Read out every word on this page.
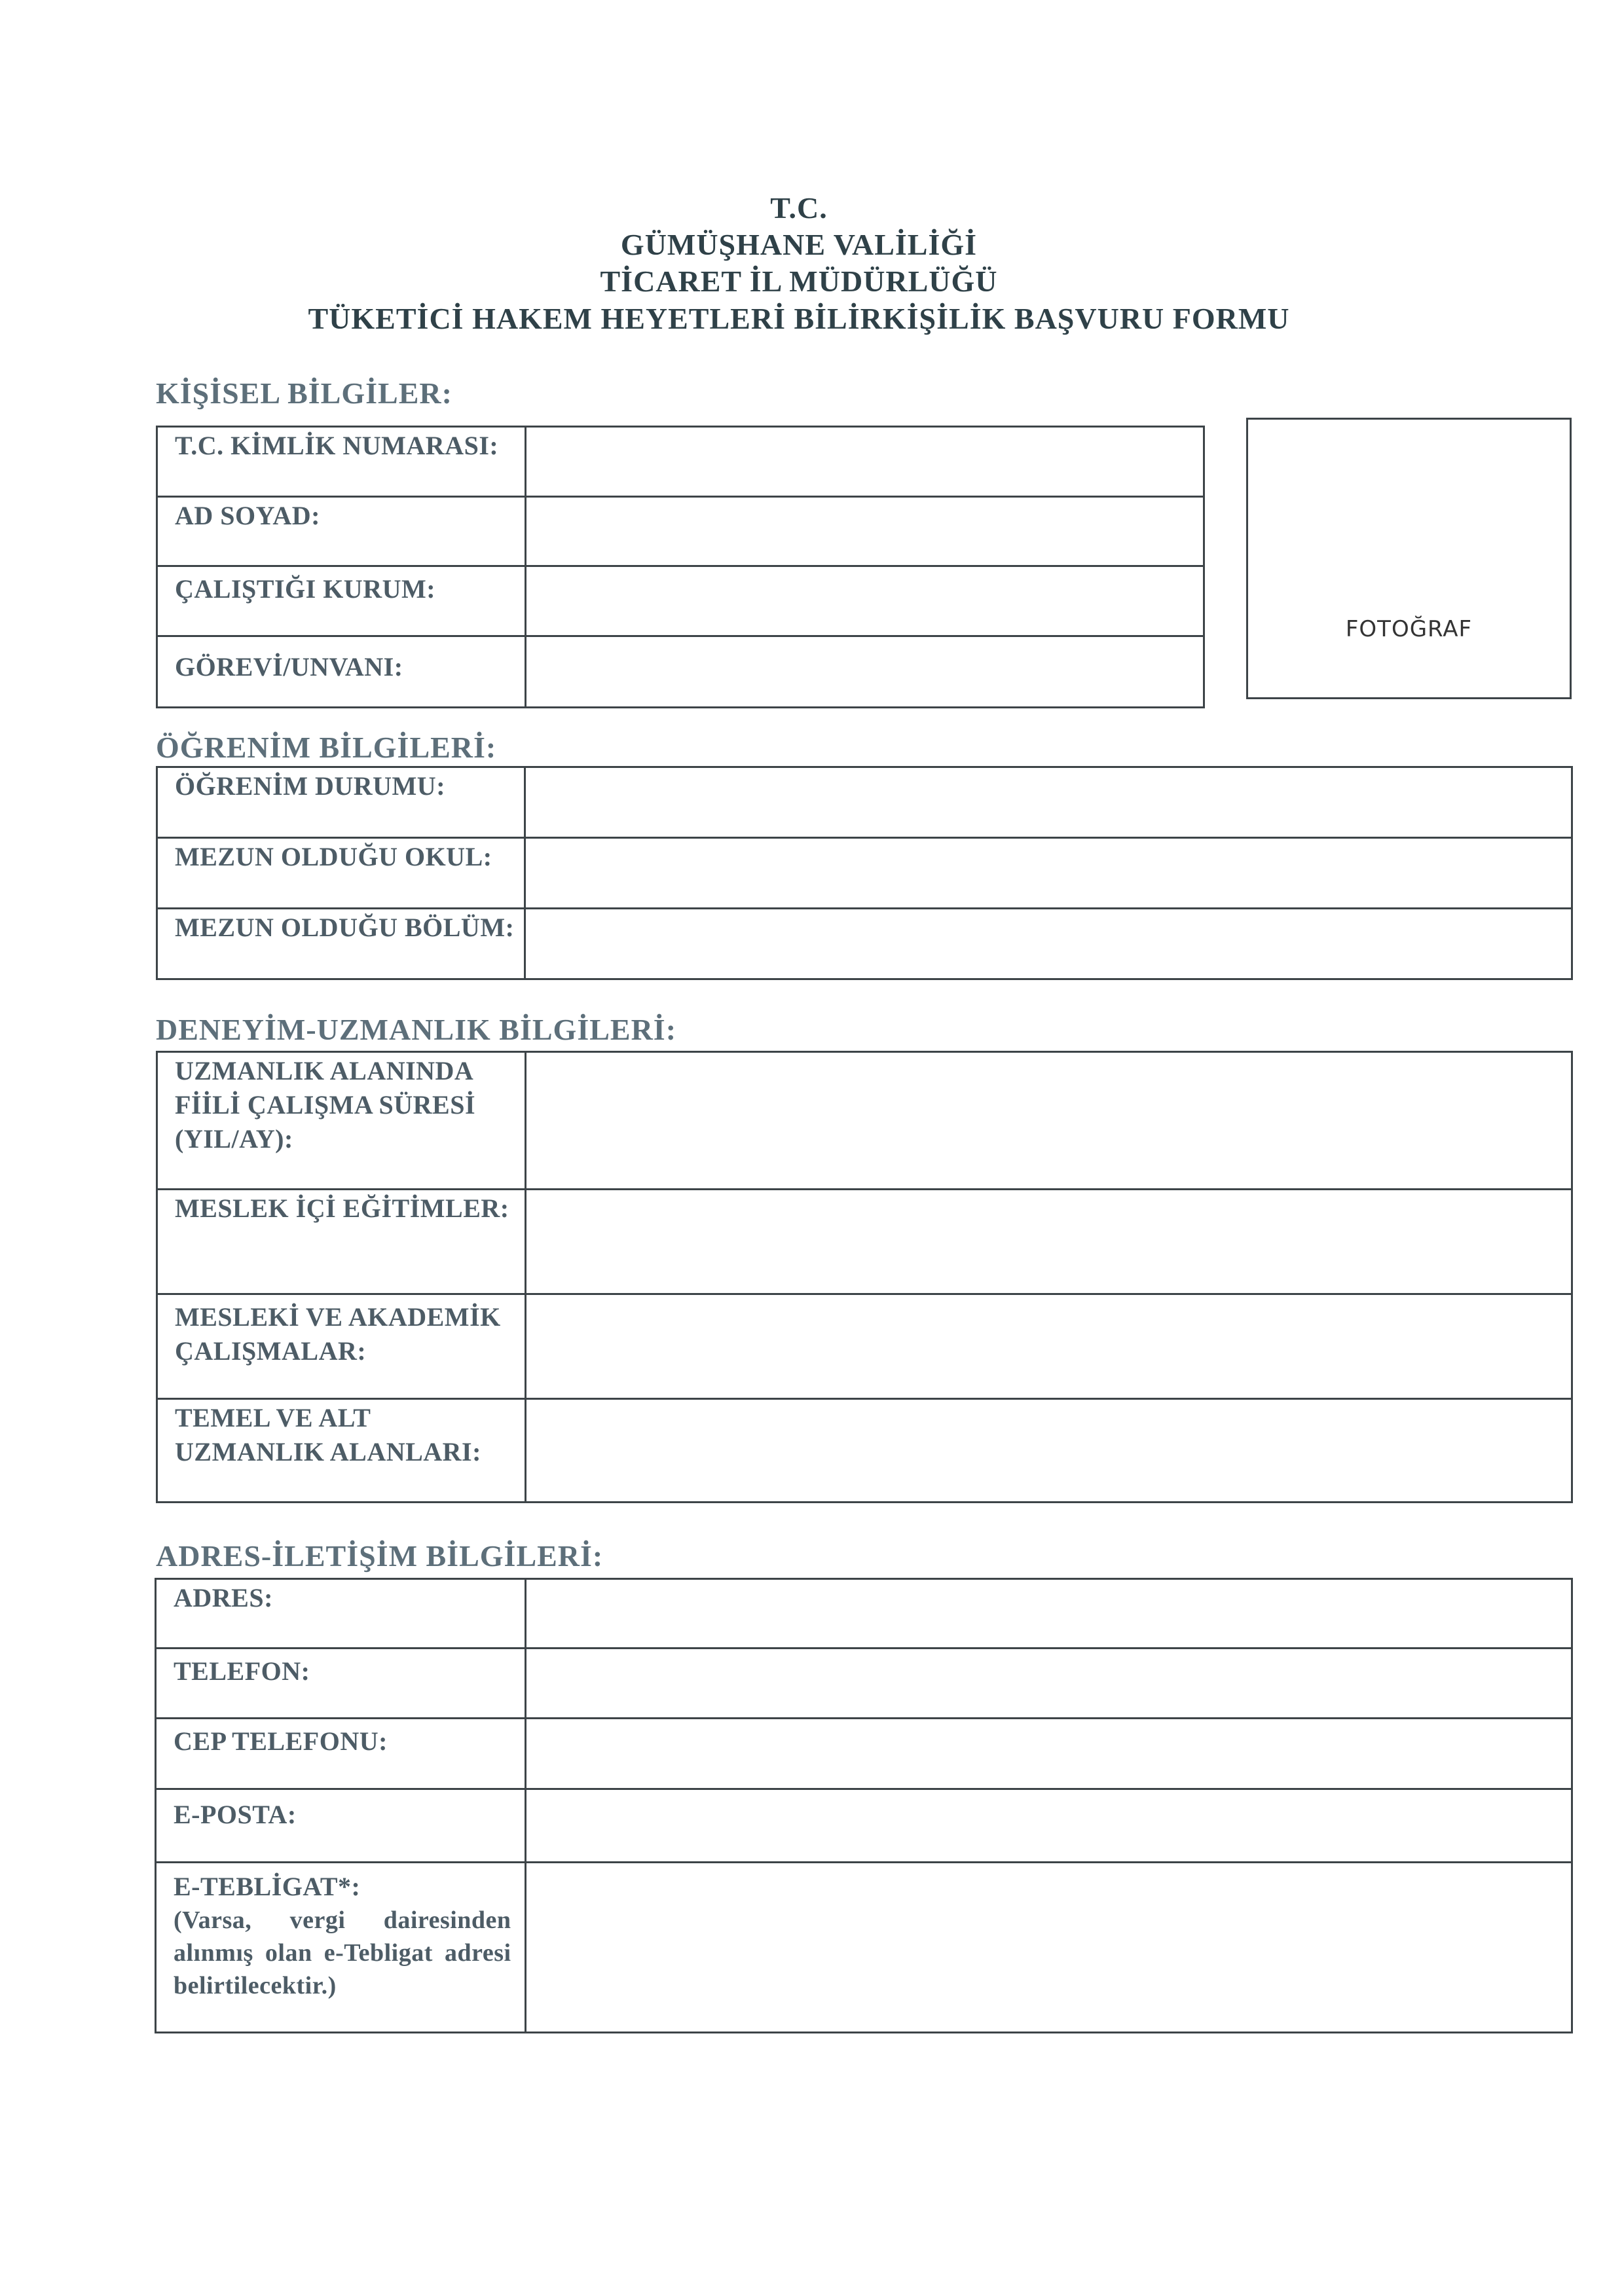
T.C.
GÜMÜŞHANE VALİLİĞİ
TİCARET İL MÜDÜRLÜĞÜ
TÜKETİCİ HAKEM HEYETLERİ BİLİRKİŞİLİK BAŞVURU FORMU
KİŞİSEL BİLGİLER:
T.C. KİMLİK NUMARASI:	
AD SOYAD:	
ÇALIŞTIĞI KURUM:	
GÖREVİ/UNVANI:	
FOTOĞRAF
ÖĞRENİM BİLGİLERİ:
ÖĞRENİM DURUMU:	
MEZUN OLDUĞU OKUL:	
MEZUN OLDUĞU BÖLÜM:	
DENEYİM-UZMANLIK BİLGİLERİ:
UZMANLIK ALANINDA FİİLİ ÇALIŞMA SÜRESİ (YIL/AY):	
MESLEK İÇİ EĞİTİMLER:	
MESLEKİ VE AKADEMİK ÇALIŞMALAR:	
TEMEL VE ALT UZMANLIK ALANLARI:	
ADRES-İLETİŞİM BİLGİLERİ:
ADRES:	
TELEFON:	
CEP TELEFONU:	
E-POSTA:	

E-TEBLİGAT*:
(Varsa, vergi dairesinden alınmış olan e-Tebligat adresi belirtilecektir.)	
